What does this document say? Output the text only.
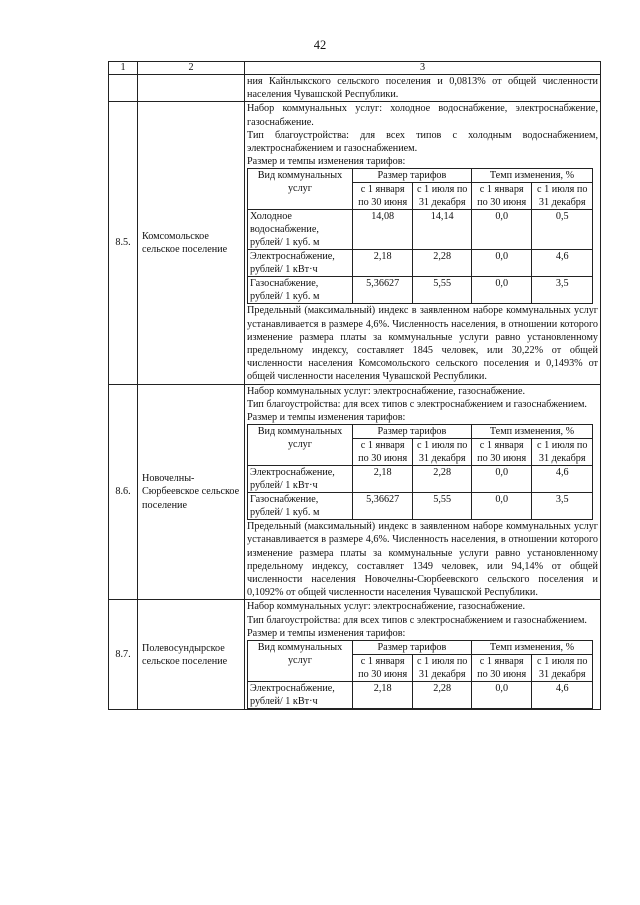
42
1	2	3
		ния Кайнлыкского сельского поселения и 0,0813% от общей численности населения Чувашской Республики.
8.5.	Комсомольское сельское поселение	
Набор коммунальных услуг: холодное водоснабжение, электроснабжение, газоснабжение.
Тип благоустройства: для всех типов с холодным водоснабжением, электроснабжением и газоснабжением.
Размер и темпы изменения тарифов:
Вид коммунальных услуг	Размер тарифов	Темп изменения, %
с 1 января по 30 июня	с 1 июля по 31 декабря	с 1 января по 30 июня	с 1 июля по 31 декабря
Холодное водоснабжение, рублей/ 1 куб. м	14,08	14,14	0,0	0,5
Электроснабжение, рублей/ 1 кВт·ч	2,18	2,28	0,0	4,6
Газоснабжение, рублей/ 1 куб. м	5,36627	5,55	0,0	3,5
Предельный (максимальный) индекс в заявленном наборе коммунальных услуг устанавливается в размере 4,6%. Численность населения, в отношении которого изменение размера платы за коммунальные услуги равно установленному предельному индексу, составляет 1845 человек, или 30,22% от общей численности населения Комсомольского сельского поселения и 0,1493% от общей численности населения Чувашской Республики.

8.6.	Новочелны-Сюрбеевское сельское поселение	
Набор коммунальных услуг: электроснабжение, газоснабжение.
Тип благоустройства: для всех типов с электроснабжением и газоснабжением.
Размер и темпы изменения тарифов:
Вид коммунальных услуг	Размер тарифов	Темп изменения, %
с 1 января по 30 июня	с 1 июля по 31 декабря	с 1 января по 30 июня	с 1 июля по 31 декабря
Электроснабжение, рублей/ 1 кВт·ч	2,18	2,28	0,0	4,6
Газоснабжение, рублей/ 1 куб. м	5,36627	5,55	0,0	3,5
Предельный (максимальный) индекс в заявленном наборе коммунальных услуг устанавливается в размере 4,6%. Численность населения, в отношении которого изменение размера платы за коммунальные услуги равно установленному предельному индексу, составляет 1349 человек, или 94,14% от общей численности населения Новочелны-Сюрбеевского сельского поселения и 0,1092% от общей численности населения Чувашской Республики.

8.7.	Полевосундырское сельское поселение	
Набор коммунальных услуг: электроснабжение, газоснабжение.
Тип благоустройства: для всех типов с электроснабжением и газоснабжением.
Размер и темпы изменения тарифов:
Вид коммунальных услуг	Размер тарифов	Темп изменения, %
с 1 января по 30 июня	с 1 июля по 31 декабря	с 1 января по 30 июня	с 1 июля по 31 декабря
Электроснабжение, рублей/ 1 кВт·ч	2,18	2,28	0,0	4,6
